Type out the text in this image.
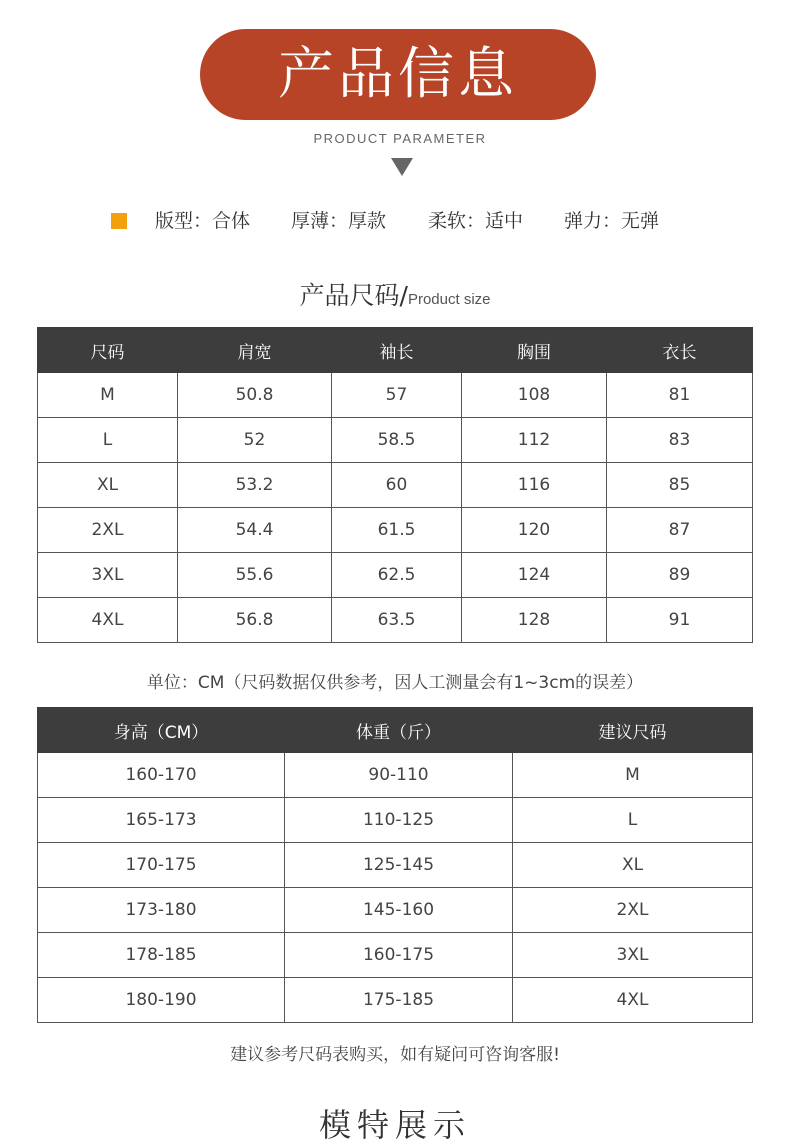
产品信息
PRODUCT PARAMETER
版型：合体 厚薄：厚款 柔软：适中 弹力：无弹
产品尺码/Product size
尺码	肩宽	袖长	胸围	衣长
M	50.8	57	108	81
L	52	58.5	112	83
XL	53.2	60	116	85
2XL	54.4	61.5	120	87
3XL	55.6	62.5	124	89
4XL	56.8	63.5	128	91
单位：CM（尺码数据仅供参考，因人工测量会有1~3cm的误差）
身高（CM）	体重（斤）	建议尺码
160-170	90-110	M
165-173	110-125	L
170-175	125-145	XL
173-180	145-160	2XL
178-185	160-175	3XL
180-190	175-185	4XL
建议参考尺码表购买，如有疑问可咨询客服!
模特展示
